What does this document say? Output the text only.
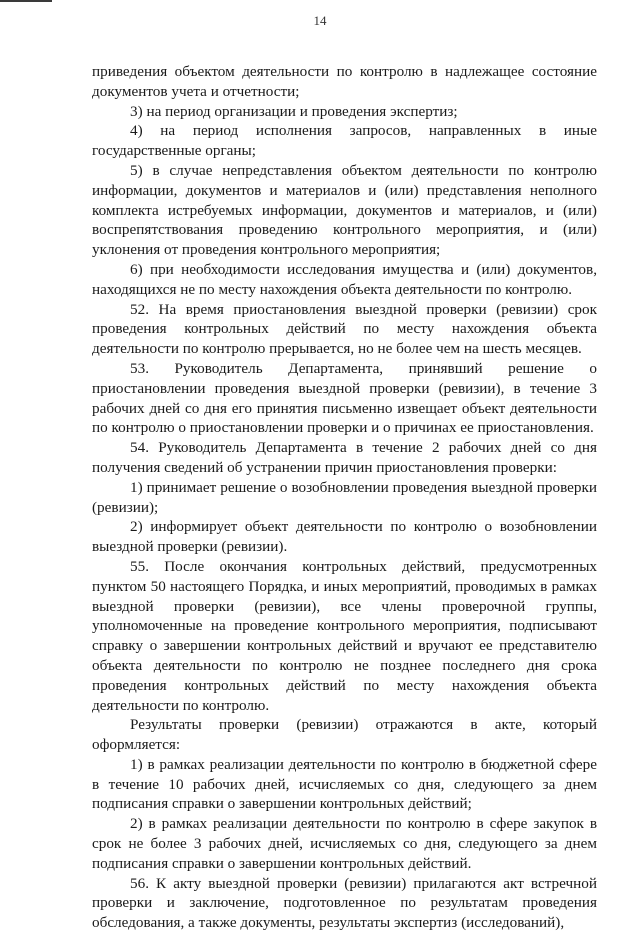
14

приведения объектом деятельности по контролю в надлежащее состояние документов учета и отчетности;

3) на период организации и проведения экспертиз;

4) на период исполнения запросов, направленных в иные государственные органы;

5) в случае непредставления объектом деятельности по контролю информации, документов и материалов и (или) представления неполного комплекта истребуемых информации, документов и материалов, и (или) воспрепятствования проведению контрольного мероприятия, и (или) уклонения от проведения контрольного мероприятия;

6) при необходимости исследования имущества и (или) документов, находящихся не по месту нахождения объекта деятельности по контролю.

52. На время приостановления выездной проверки (ревизии) срок проведения контрольных действий по месту нахождения объекта деятельности по контролю прерывается, но не более чем на шесть месяцев.

53. Руководитель Департамента, принявший решение о приостановлении проведения выездной проверки (ревизии), в течение 3 рабочих дней со дня его принятия письменно извещает объект деятельности по контролю о приостановлении проверки и о причинах ее приостановления.

54. Руководитель Департамента в течение 2 рабочих дней со дня получения сведений об устранении причин приостановления проверки:

1) принимает решение о возобновлении проведения выездной проверки (ревизии);

2) информирует объект деятельности по контролю о возобновлении выездной проверки (ревизии).

55. После окончания контрольных действий, предусмотренных пунктом 50 настоящего Порядка, и иных мероприятий, проводимых в рамках выездной проверки (ревизии), все члены проверочной группы, уполномоченные на проведение контрольного мероприятия, подписывают справку о завершении контрольных действий и вручают ее представителю объекта деятельности по контролю не позднее последнего дня срока проведения контрольных действий по месту нахождения объекта деятельности по контролю.

Результаты проверки (ревизии) отражаются в акте, который оформляется:

1) в рамках реализации деятельности по контролю в бюджетной сфере в течение 10 рабочих дней, исчисляемых со дня, следующего за днем подписания справки о завершении контрольных действий;

2) в рамках реализации деятельности по контролю в сфере закупок в срок не более 3 рабочих дней, исчисляемых со дня, следующего за днем подписания справки о завершении контрольных действий.

56. К акту выездной проверки (ревизии) прилагаются акт встречной проверки и заключение, подготовленное по результатам проведения обследования, а также документы, результаты экспертиз (исследований),
